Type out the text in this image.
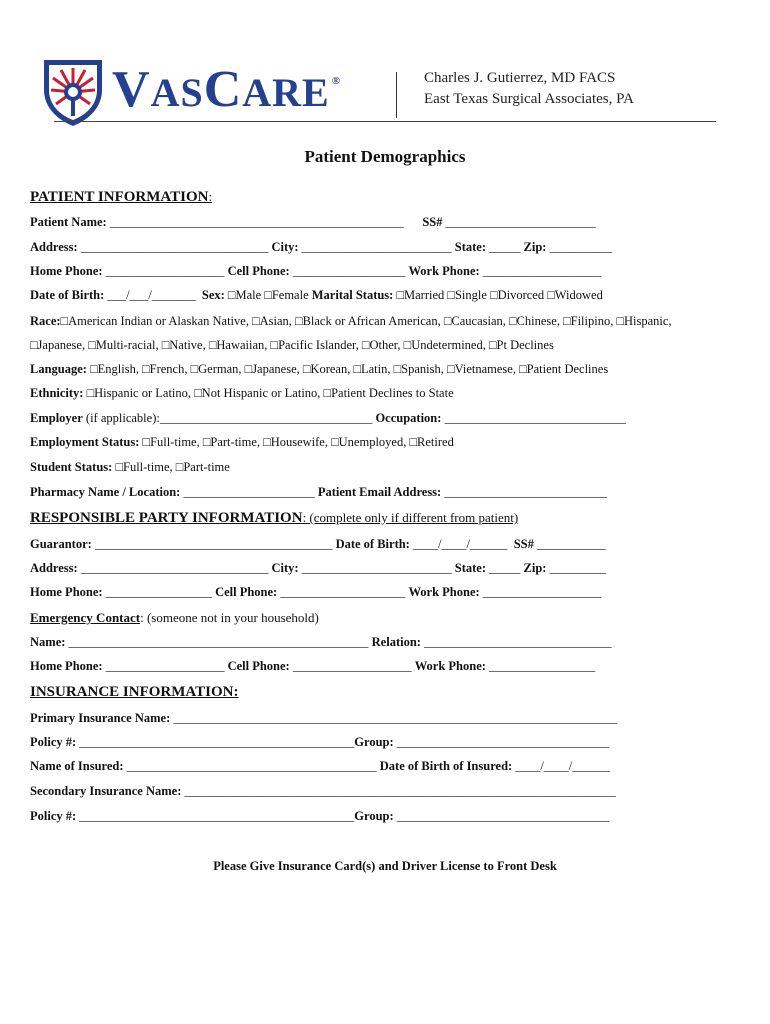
VASCARE ®	Charles J. Gutierrez, MD FACS
East Texas Surgical Associates, PA
Patient Demographics
PATIENT INFORMATION:
Patient Name: _______________________________________________ SS# ________________________
Address: ______________________________ City: ________________________ State: _____ Zip: __________
Home Phone: ___________________ Cell Phone: __________________ Work Phone: ___________________
Date of Birth: ___/___/_______ Sex: □Male □Female Marital Status: □Married □Single □Divorced □Widowed
Race:□American Indian or Alaskan Native, □Asian, □Black or African American, □Caucasian, □Chinese, □Filipino, □Hispanic,
□Japanese, □Multi-racial, □Native, □Hawaiian, □Pacific Islander, □Other, □Undetermined, □Pt Declines
Language: □English, □French, □German, □Japanese, □Korean, □Latin, □Spanish, □Vietnamese, □Patient Declines
Ethnicity: □Hispanic or Latino, □Not Hispanic or Latino, □Patient Declines to State
Employer (if applicable):__________________________________ Occupation: _____________________________
Employment Status: □Full-time, □Part-time, □Housewife, □Unemployed, □Retired
Student Status: □Full-time, □Part-time
Pharmacy Name / Location: _____________________ Patient Email Address: __________________________
RESPONSIBLE PARTY INFORMATION: (complete only if different from patient)
Guarantor: ______________________________________ Date of Birth: ____/____/______ SS# ___________
Address: ______________________________ City: ________________________ State: _____ Zip: _________
Home Phone: _________________ Cell Phone: ____________________ Work Phone: ___________________
Emergency Contact: (someone not in your household)
Name: ________________________________________________ Relation: ______________________________
Home Phone: ___________________ Cell Phone: ___________________ Work Phone: _________________
INSURANCE INFORMATION:
Primary Insurance Name: _______________________________________________________________________
Policy #: ____________________________________________Group: __________________________________
Name of Insured: ________________________________________ Date of Birth of Insured: ____/____/______
Secondary Insurance Name: _____________________________________________________________________
Policy #: ____________________________________________Group: __________________________________
Please Give Insurance Card(s) and Driver License to Front Desk
